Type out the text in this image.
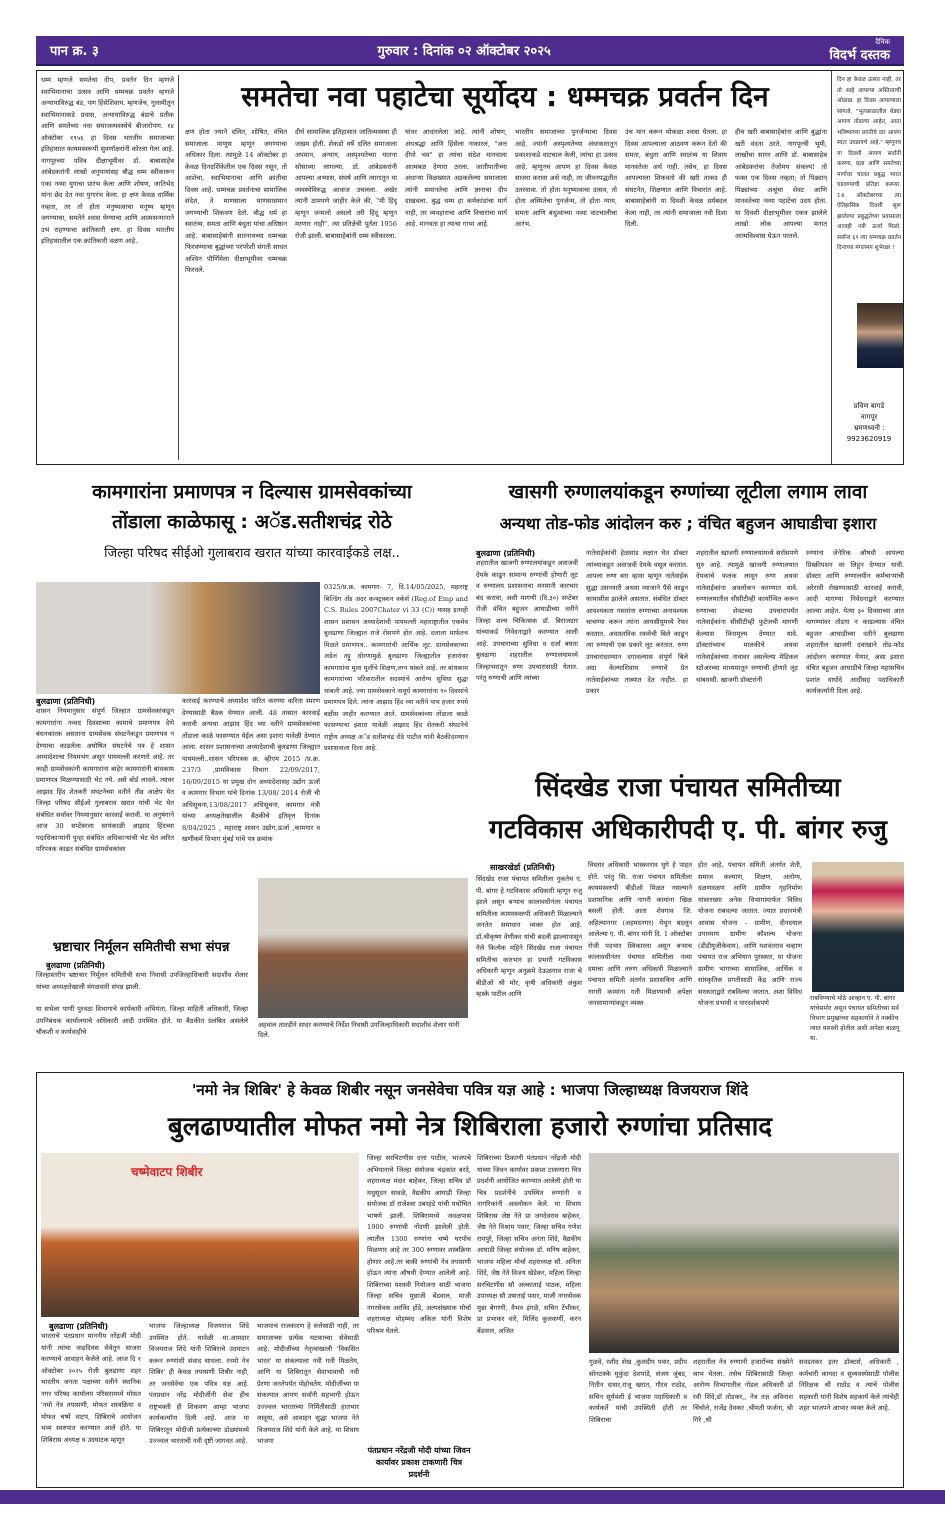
पान क्र. ३	गुरुवार : दिनांक ०२ ऑक्टोबर २०२५
दैनिक
विदर्भ दस्तक
धम्म म्हणजे समतेचा दीप, प्रवर्तन दिन म्हणजे स्वाभिमानाचा उत्सव आणि धम्मचक्र प्रवर्तन म्हणजे अन्यायाविरुद्ध बंड, पण हिंसेशिवाय. म्हणजेच, गुलामीतून स्वाभिमानाकडे प्रवास, अन्यायाविरुद्ध बंडाचे प्रतीक आणि समतेच्या नवा समाजव्यवस्थेचे बीजारोपण. १४ ऑक्टोबर १९५६ हा दिवस भारतीय समाजाच्या इतिहासात कायमस्वरूपी सुवर्णाक्षरांनी कोरला गेला आहे. नागपूरच्या पवित्र दीक्षाभूमीवर डॉ. बाबासाहेब आंबेडकरांनी लाखो अनुयायांसह बौद्ध धम्म स्वीकारून एका नव्या युगाचा प्रारंभ केला आणि शोषण, जातिभेद यांना छेद देत नवा युगारंभ केला. हा क्षण केवळ धार्मिक नव्हता, तर तो होता मनुष्यत्वाचा मनुष्य म्हणून जगण्याचा, समतेने श्वास घेण्याचा आणि आत्मसन्मानाने उभं राहण्याचा क्रांतिकारी क्षण. हा दिवस भारतीय इतिहासातील एक क्रांतिकारी वळण आहे.
समतेचा नवा पहाटेचा सूर्योदय : धम्मचक्र प्रवर्तन दिन
क्षण होता ज्याने दलित, शोषित, वंचित समाजाला माणूस म्हणून जगण्याचा अधिकार दिला. त्यामुळे 14 ऑक्टोबर हा केवळ दिनदर्शिकेतील एक दिवस नसून, तो आशेचा, स्वाभिमानाचा आणि क्रांतीचा दिवस आहे. धम्मचक्र प्रवर्तनाचा सामाजिक संदेश, ते माणसाला माणसासमान जगण्याची शिकवण देतो. बौद्ध धर्म हा स्वातंत्र्य, समता आणि बंधुता यांचा अधिष्ठान आहे. बाबासाहेबांनी सारनाथच्या धम्मचक्र फिरवण्याचा बुद्धांच्या परंपरेशी संगती साधत अश्विन पौर्णिमेला दीक्षाभूमीवर धम्मचक्र फिरवले.
दीर्घ सामाजिक इतिहासात जातिव्यवस्था ही जखम होती. शेकडो वर्षे दलित समाजाला अपमान, अन्याय, अस्पृश्यतेच्या यातना सोसाव्या लागल्या. डॉ. आंबेडकरांनी आपल्या अभ्यास, संघर्ष आणि त्यागातून या व्यवस्थेविरुद्ध आवाज उचलला. अखेर त्यांनी ठामपणे जाहीर केले की, "मी हिंदू म्हणून जन्मलो असलो तरी हिंदू म्हणून मरणार नाही". त्या प्रतिज्ञेची पूर्तता 1956 रोजी झाली. बाबासाहेबांनी धम्म स्वीकारला.
यांवर आधारलेला आहे. त्यांनी शोषण, अंधश्रद्धा आणि हिंसेला नाकारलं, "अत्त दीपो भव" हा त्यांचा संदेश मानवाला आत्मबळ देणारा ठरला. जातीपातीच्या अंधाऱ्या विळख्यात अडकलेल्या समाजाला त्यांनी समानतेचा आणि ज्ञानाचा दीप दाखवला. बुद्ध धम्म हा कर्मकांडांचा मार्ग नाही, तर व्यवहाराचा आणि विचारांचा मार्ग आहे. मानवता हा त्याचा गाभा आहे.
भारतीय समाजाच्या पुनर्जन्माचा दिवस आहे. ज्यांनी अस्पृश्यतेच्या अंधःकारातून प्रकाशाकडे वाटचाल केली, त्यांचा हा उत्सव आहे. म्हणूनच आपण हा दिवस केवळ साजरा करावा असे नाही, तर जीवनपद्धतीत उतरवावा. तो होता मनुष्यत्वाचा उत्सव, तो होता अस्मितेचा पुनर्जन्म, तो होता न्याय, समता आणि बंधुत्वाच्या नव्या वाटचालीचा आरंभ.
उंच मान करून मोकळा श्वास घेतला. हा दिवस आपल्याला आठवण करून देतो की समता, बंधुता आणि स्वातंत्र्य या शिवाय मानवतेला अर्थ नाही. तसेच, हा दिवस आपल्याला शिकवतो की खरी ताकद ही संघटनेत, शिक्षणात आणि विचारांत आहे. बाबासाहेबांनी या दिवशी केवळ धर्मबदल केला नाही, तर त्यांनी समाजाला नवी दिशा दिली.
हीच खरी बाबासाहेबांना आणि बुद्धांना खरी वंदना ठरते. नागपूरची भूमी, लाखोंचा सागर आणि डॉ. बाबासाहेब आंबेडकरांचा तेजोमय संकल्प! तो फक्त एक दिवस नव्हता; तो पिढ्यान् पिढ्यांच्या अश्रूंचा शेवट आणि मानवतेच्या नव्या पहाटेचा उदय होता. या दिवशी दीक्षाभूमीवर एकत्र झालेले लाखो लोक आपल्या मनात आत्मविश्वास घेऊन परतले.
दिन हा केवळ उत्सव नाही, तर तो आहे आपल्या अस्तित्वाची ओळख. हा दिवस आपल्याला सांगतो, "भूतकाळातील बेड्या आपण तोडल्या आहेत, आता भविष्याच्या प्रगतीचे दार आपण स्वतः उघडायचे आहे." म्हणूनच या दिवशी आपण सर्वांनी करुणा, प्रज्ञा आणि समतेच्या मार्गावर चालत प्रबुद्ध भारत घडवण्याची प्रतिज्ञा करूया. 14 ऑक्टोबरच्या त्या ऐतिहासिक दिवशी सुरू झालेल्या प्रबुद्धतेच्या प्रवासाला आजही नवी ऊर्जा मिळो. सर्वांना ६९ व्या धम्मचक्र प्रवर्तन दिनाच्या मंगलमय शुभेच्छा !
प्रविण बागडे
नागपूर
भ्रमणध्वनी :
9923620919
कामगारांना प्रमाणपत्र न दिल्यास ग्रामसेवकांच्या
तोंडाला काळेफासू : अॅड.सतीशचंद्र रोठे
जिल्हा परिषद सीईओ गुलाबराव खरात यांच्या कारवाईकडे लक्ष..
0325/प्र.क्र. कामगार- 7, दि.14/05/2025, महाराष्ट्र बिल्डिंग अँड अदर कन्स्ट्रक्शन वर्कर्स (Reg.of Emp and C.S. Rules 2007Chater vi 33 (C)) यासह इतरही शासन प्रशासन अध्यादेशांची पायमल्ली महाराष्ट्रातील एकमेव बुलढाणा जिल्ह्यात राजे रोसपणे होत आहे. दलाला मार्फतच मिळते प्रमाणपत्र.. कामगारांची आर्थिक लूट. ग्रामसेवकांच्या अडेल तट्टू धोरणामुळे बुलढाणा जिल्ह्यातील हजारांवर कामगारांना मुला मुलींचे शिक्षण,लग्न थांबले आहे. तर बांधकाम कामगारांच्या परिवारातील सदस्यांचे आरोग्य सुविधा सुद्धा थांबली आहे. ज्या ग्रामसेवकाने नावूर्ध कामगारांना ९० दिवसांचे प्रमाणपत्र दिले. त्यांना आझाद हिंद च्या वतीने पाच हजार रुपये बक्षीस जाहीर करण्यात आले. ग्रामसेवकांच्या तोंडाला काळे फासण्याचा इशारा यावेळी आझाद हिंद शेतकरी संघटनेचे राष्ट्रीय अध्यक्ष अॅड सतीशचंद्र रोठे पाटील यांनी बैठकीदरम्यान प्रशासनाला दिला आहे.
बुलढाणा (प्रतिनिधी)
शासन नियमानुसार संपूर्ण जिल्हात ग्रामसेवकांकडून कामगारांना नव्वद दिवसाच्या कामाचे प्रमाणपत्र देणे बंधनकारक असताना ग्रामसेवक संघटनेकडून प्रमाणपत्र न देण्याचा काढलेला अघोषित संघटनेचे पत्र हे शासन अध्यादेशाचा नियमभंग असून पायमल्ली करणारे आहे. तर काही ग्रामसेवकांनी कामगारांना बाहेर कामगारांनी बांधकाम प्रमाणपत्र मिळण्यासाठी भेट नये. असे बोर्ड लावले. त्यावर आझाद हिंद शेतकरी संघटनेच्या वतीने तीव्र आक्षेप घेत जिल्हा परिषद सीईओ गुलाबराव खरात यांची भेट घेत संबंधित सर्वावर नियमानुसार कारवाई करावी. या अनुषंगाने आज 30 सप्टेंबरला सायंकाळी आझाद हिंदच्या पदाधिकाऱ्यांनी पुन्हा संबंधित अधिकाऱ्यांची भेट घेत त्वरित परिपत्रक काढत संबंधित ग्रामसेवकांवर
कारवाई करण्याचे अध्यादेश पारित करण्या करिता स्मरण देण्यासाठी बैठक घेण्यात आली. 48 तासात कारवाई करावी अन्यथा आझाद हिंद च्या वतीने ग्रामसेवकांच्या तोंडाला काळे फासण्यात येईल असा इशारा यावेळी देण्यात आला. शासन प्रशासनाच्या अध्यादेशाची बुलढाणा जिल्ह्यात पायमल्ली..शासन परिपत्रक क्र. व्हीएम 2015 /प्र.क्र. 237/3 ,प्रामविकास विभाग 22/09/2017, 16/09/2015 या प्रमुख दोन अध्यादेशासह उद्योग ऊर्जा व कामगार विभाग यांचे दिनांक 13/08/ 2014 रोजी ची अधिसूचना,13/08/2017 अधिसूचना, कामगार मंत्री यांच्या अध्यक्षतेखालील बैठकीचे इतिवृत्त दिनांक 8/04/2025 , महाराष्ट्र शासन उद्योग,ऊर्जा ,कामगार व खणीकर्म विभाग मुंबई यांचे पत्र क्रमांक
भ्रष्टाचार निर्मूलन समितीची सभा संपन्न
बुलढाणा (प्रतिनिधी)
जिल्हास्तरीय भ्रष्टाचार निर्मूलन समितीची सभा निवासी उपजिल्हाधिकारी सदाशीव शेलार यांच्या अध्यक्षतेखाली मंगळवारी संपन्न झाली.
या सभेला पाणी पुरवठा विभागाचे कार्यकारी अभियंता, जिल्हा माहिती अधिकारी, जिल्हा उपनिबंधक कार्यालयाचे अधिकारी आदी उपस्थित होते. या बैठकीत प्रलंबित असलेले चौकशी व कार्यवाहीचे
अहवाल तातडीने सादर करण्याचे निर्देश निवासी उपजिल्हाधिकारी सदाशीव शेलार यांनी दिले.
खासगी रुग्णालयांकडून रुग्णांच्या लूटीला लगाम लावा
अन्यथा तोड-फोड आंदोलन करु ; वंचित बहुजन आघाडीचा इशारा
बुलढाणा (प्रतिनिधी)
शहरातील खाजगी रुग्णालयांकडून अवाजवी देयके काढून सामान्य रुग्णांची होणारी लूट व रुग्णालय प्रशासनाचा मनमानी कारभार बंद करावा, अशी मागणी (दि.३०) सप्टेंबर रोजी वंचित बहुजन आघाडीच्या वतीने जिल्हा शल्य चिकित्सक डॉ. बिराजदार यांच्याकडे निवेदनाद्वारे करण्यात आली आहे. उपचाराच्या सुविधा व दर्जा बघता बुलढाणा शहरातील रुग्णालयामध्ये जिल्हाभरातून रुग्ण उपचारासाठी येतात. परंतु रुग्णाची आणि त्यांच्या
नातेवाईकांची हेळसांड लक्षात घेत डॉक्टर त्यांच्याकडून अवाजवी देयके वसूल करतात. आपला रुग्ण बरा व्हावा म्हणून नातेवाईक सुद्धा उसनवारी अथवा व्याजाने पैसे काढून कायासीस झालेले असतात. संबंधित डॉक्टर आवश्यकता नसतांना रुग्णाच्या अनावश्यक चाचण्या करून त्यांना आयसीयुमध्ये रेफर करतात. अवास्तविक रकमेची बिले काढून त्या रुग्णाची एक प्रकारे लूट करतात. रुग्ण उपचारादरम्यान दगावल्यास संपूर्ण बिले अदा केल्याशिवाय रुग्णाचे प्रेत नातेवाईकांच्या ताब्यात देत नाहीत. हा प्रकार
शहरातील खाजगी रुग्णालयांमध्ये सर्रासपणे सुरु आहे. त्यामुळे खाजगी रुग्णालयात देयकाचे फलक लावून रुग्ण अथवा नातेवाईकांना अवलोकन करण्यात यावे. रुग्णालयातील सीसीटीव्ही कार्यान्वित करून रुग्णाच्या शेवटच्या उपचारापर्यंत नातेवाईकांना सीसीटीव्ही फुटेजची मागणी केल्यास विनामूल्य देण्यात यावे. डॉक्टरांच्याच मालकीचे अथवा नातेवाईकांच्या नावावर असलेल्या मेडिकल स्टोअरच्या माध्यमातून रुग्णाची होणारे लूट थांबवावी. खाजगी डॉक्टरांनी
रुग्णांना जेनेरिक औषधी आपल्या प्रिस्क्रीपशन वर लिहून देण्यात यावी. डॉक्टर आणि रुग्णालयीन कर्मचाऱ्यांची अरेरावी रोखण्यासाठी कारवाई करावी, आदी मागण्या निवेदनाद्वारे करण्यात आल्या आहेत. येत्या ३० दिवसाच्या आत मागण्यांवर तोडगा न काढल्यास वंचित बहुजन आघाडीच्या वतीने बुलढाणा शहरातील खाजगी दवाखाने तोड-फोड आंदोलन करण्यात येणार, असा इशारा वंचित बहुजन आघाडीचे जिल्हा महासचिव प्रशांत वाघोदे आदींसह पदाधिकारी कार्यकर्त्यांनी दिला आहे.
सिंदखेड राजा पंचायत समितीच्या
गटविकास अधिकारीपदी ए. पी. बांगर रुजु
साखरखेर्डा (प्रतिनिधी)
सिंदखेड राजा पंचायत समितीला नुकतेच ए. पी. बांगर हे गटविकास अधिकारी म्हणून रुजु झाले असून बऱ्याच कालावधीनंतर पंचायत समितीला कायमस्वरुपी अधिकारी मिळाल्याने जनतेत समाधान व्यक्त होत आहे. डॉ.श्रीकृष्ण वेणीकर यांची बदली झाल्यापासून गेले कित्येक महिने सिंदखेड राजा पंचायत समितीचा कारभार हा प्रभारी गटविकास अधिकारी म्हणून अनुक्रमे देऊळगाव राजा चे बीडीओ श्री मोर, कृषी अधिकारी अंकुश म्हस्के पाटील आणि
विस्तार अधिकारी भास्करराव घुगे हे पाहत होते. परंतु सि. राजा पंचायत समितीला कायमस्वरुपी बीडीओ मिळत नसल्याने प्रशासनिक आणि नागरी कामांना खिळ बसली होती. आता शेवगाव जि. अहिल्यानगर (अहमदनगर) येथून बदलून आलेल्या ए. पी. बांगर यांनी दि. 1 ऑक्टोबर रोजी पदभार स्विकारला असून बऱ्याच कालावधीनंतर पंचायत समितीला नव्या दमाचा आणि तरुण अधिकारी मिळाल्याने पंचायत समिती अंतर्गत प्रशासकिय आणि नागरी कामांना गती मिळण्याची अपेक्षा जनसामान्यांकडून व्यक्त
होत आहे. पंचायत समिती अंतर्गत शेती, समाज कल्याण, शिक्षण, आरोग्य, दळणवळण आणि ग्रामीण गृहनिर्माण यांसारख्या अनेक विभागांमार्फत विविध योजना राबवल्या जातात. ज्यात प्रधानमंत्री आवास योजना - ग्रामीण, दीनदयाल उपाध्याय ग्रामीण कौशल्य योजना (डीडीयूजीकेवाय), आणि यशवंतराव चव्हाण पंचायत राज अभियान पुरस्कार, या योजना ग्रामीण भागाच्या सामाजिक, आर्थिक व सांस्कृतिक प्रगतीसाठी केंद्र आणि राज्य सरकाराद्वारे राबविल्या जातात. अशा विविध योजना प्रभावी व पारदर्शकपणे
राबविण्याचे मोठे आव्हान ए. पी. बांगर यांचेसमोर असून पंचायत समितीच्या सर्व विभाग प्रमुखांच्या सहकार्याने ते नक्कीच त्यात यशस्वी होतील अशी अपेक्षा बाळगू या.
'नमो नेत्र शिबिर' हे केवळ शिबीर नसून जनसेवेचा पवित्र यज्ञ आहे : भाजपा जिल्हाध्यक्ष विजयराज शिंदे
बुलढाण्यातील मोफत नमो नेत्र शिबिराला हजारो रुग्णांचा प्रतिसाद
चष्मेवाटप शिबीर
बुलढाणा (प्रतिनिधी)
भारताचे पंतप्रधान माननीय नरेंद्रजी मोदी यांनी त्यांचा वाढदिवस सेवेतून साजरा करण्याचे आवाहन केलेले आहे. आज दि १ ऑक्टोबर २०२५ रोजी बुलढाणा शहर भारतीय जनता पक्षाच्या वतीने स्थानिक नगर परिषद कार्यालय परिसरामध्ये मोफत 'नमो नेत्र तपासणी, मोफत शस्त्रक्रिया व मोफत चष्मे वाटप, शिबिराचे आयोजन भव्य स्वरुपात करण्यात आले होते. या शिबिरास अध्यक्ष व उदघाटक म्हणून
भाजपा जिल्हाध्यक्ष विजयराज शिंदे उपस्थित होते. यावेळी मा.आमदार विजयराज शिंदे यांनी शिबिराचे उदघाटन करून रुग्णांशी संवाद साधला. रनमो नेत्र शिबिर' ही केवळ तपासणी शिबीर नाही, तर जनसेवेचा एक पवित्र यज्ञ आहे. पंतप्रधान नरेंद्र मोदीजींनी सेवा हीच राष्ट्रभक्ती ही शिकवण आम्हा भाजपा कार्यकर्त्यांना दिली आहे. आज या शिबिरातून मोदीजी प्रत्येकाच्या डोळ्यांमध्ये उज्ज्वल भारताची नवी दृष्टी जागवत आहे.
भाजपाचं राजकारण हे सत्तेसाठी नाही, तर समाजाच्या प्रत्येक घटकाच्या सेवेसाठी आहे. मोदीजींच्या नेतृत्वाखाली 'विकसित भारत' या संकल्पाला नवी गती मिळतेय, आणि या शिबिरातून सेवाभावाची नवी प्रेरणा जनतेपर्यंत पोहोचतेय. मोदीजींच्या या संकल्पात आपण सर्वांनी सहभागी होऊन उज्ज्वल भारताच्या निर्मितीसाठी हातभार लावूया, असे आवाहन सुद्धा भाजपा नेते विजयराज शिंदे यांनी केले आहे. या शिवाय भाजपा
जिल्हा सरचिटणीस दत्ता पाटील, भाजपचे अभियानाचे जिल्हा संयोजक चंद्रकांत बरदे, शहराध्यक्ष मंदार बाहेकर, जिल्हा सचिव डॉ मधुसूदन सावळे, वैद्यकीय आघाडी जिल्हा संयोजक डॉ राजेश्वर उबरहंडे यांची यथोचित भाषणे झाली. शिबिरामध्ये जवळपास 1900 रुग्णांची नोंदणी झालेली होती. त्यातील 1300 रुग्णांना चष्मे घरपोच मिळणार आहे तर 300 रुग्णावर शस्त्रक्रिया होणार आहे.तर बाकी रुग्णांची नेत्र तपासणी होऊन त्यांना औषधी देण्यात आलेली आहे. शिबिराच्या यशस्वी नियोजना साठी भाजपा जिल्हा सचिव मुन्नाजी बेंडवाल, माजी नगरसेवक अरविंद होंडे, अल्पसंख्याक मोर्चा शहराध्यक्ष मोहम्मद अकिल यांनी विशेष परिश्रम घेतले.
पंतप्रधान नरेंद्रजी मोदी यांच्या जिवन कार्यावर प्रकाश टाकणारी चित्र प्रदर्शनी
शिबिराच्या ठिकाणी पंतप्रधान नरेंद्रजी मोदी यांच्या जिवन कार्यावर प्रकाश टाकणारा चित्र प्रदर्शनी आयोजित करण्यात आलेली होती या चित्र प्रदर्शनीचे उपस्थित रुग्णांनी व नागरिकांनी अवलोकन केले. या शिवाय शिबिरास जेष्ठ नेते प्रा जगदेवराव बाहेकर, जेष्ठ नेते विश्राम पवार, जिल्हा सचिव गणेश रायपुरे, जिल्हा सचिव अनंता शिंदे, वैद्यकीय आघाडी जिल्हा संयोजक डॉ. मनिष बाहेकर, भाजपा महिला मोर्चा शहराध्यक्ष सौ. अनिता शिंदे, जेष्ठ नेते विजय खेडेकर, महिला जिल्हा सरचिटणीस सौ अल्काताई पाठक, महिला उपाध्यक्ष सौ उषाताई पवार, माजी नगरसेवक मुन्ना बेगाणी, वैभव इंगळे, सचिन टेंभीकर, प्रा प्रभाकर वारे, मिलिंद कुलकर्णी, करन बेंडवाल, अजित
गुळवे, रशीद शेख ,कुलदीप पवार, प्रदीप सोनटक्के मुकुंदा देशपांडे, संजय जुंबड, नितीन दासर,राजू खरात, गौरव राठोड, सचिन सूर्यवंशी ई भाजपा पदाधिकारी व कार्यकर्ते यांची उपस्थिती होती तर शिबिराचा
शहरातील नेत्र रुग्णानी हजारोंच्या संख्येने लाभ घेतला. तसेच शिबिरासाठी जिल्हा आरोग्य विभागातील नोडल अधिकारी डॉ रवी शिंदे,डॉ तोडकर,, नेत्र तज्ञ अविनाश चिंचोले, राजेंद्र देवकर ,श्रीमती फर्जना, श्री गिरे ,श्री
सवडतकर इतर डॉक्टर्स, अधिकारी , कर्मचारी कायदा व सुव्यवस्थेसाठी पोलीस निरिक्षक श्री राठोड व त्यांचे पोलीस सहकारी यांनी विशेष सहकार्य केले त्यांचेही शहर भाजपने आभार व्यक्त केले आहे.
